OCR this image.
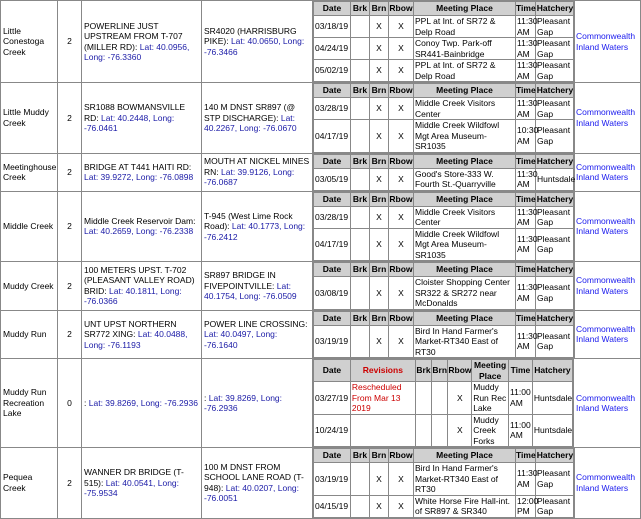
Little Conestoga Creek	2	POWERLINE JUST UPSTREAM FROM T-707 (MILLER RD): Lat: 40.0956, Long: -76.3360	SR4020 (HARRISBURG PIKE): Lat: 40.0650, Long: -76.3466	
Date	Brk	Brn	Rbow	Meeting Place	Time	Hatchery
03/18/19		X	X	PPL at Int. of SR72 & Delp Road	11:30 AM	Pleasant Gap
04/24/19		X	X	Conoy Twp. Park-off SR441-Bainbridge	11:30 AM	Pleasant Gap
05/02/19		X	X	PPL at Int. of SR72 & Delp Road	11:30 AM	Pleasant Gap
	Commonwealth Inland Waters
Little Muddy Creek	2	SR1088 BOWMANSVILLE RD: Lat: 40.2448, Long: -76.0461	140 M DNST SR897 (@ STP DISCHARGE): Lat: 40.2267, Long: -76.0670	
Date	Brk	Brn	Rbow	Meeting Place	Time	Hatchery
03/28/19		X	X	Middle Creek Visitors Center	11:30 AM	Pleasant Gap
04/17/19		X	X	Middle Creek Wildfowl Mgt Area Museum-SR1035	10:30 AM	Pleasant Gap
	Commonwealth Inland Waters
Meetinghouse Creek	2	BRIDGE AT T441 HAITI RD: Lat: 39.9272, Long: -76.0898	MOUTH AT NICKEL MINES RN: Lat: 39.9126, Long: -76.0687	
Date	Brk	Brn	Rbow	Meeting Place	Time	Hatchery
03/05/19		X	X	Good's Store-333 W. Fourth St.-Quarryville	11:30 AM	Huntsdale
	Commonwealth Inland Waters
Middle Creek	2	Middle Creek Reservoir Dam: Lat: 40.2659, Long: -76.2338	T-945 (West Lime Rock Road): Lat: 40.1773, Long: -76.2412	
Date	Brk	Brn	Rbow	Meeting Place	Time	Hatchery
03/28/19		X	X	Middle Creek Visitors Center	11:30 AM	Pleasant Gap
04/17/19		X	X	Middle Creek Wildfowl Mgt Area Museum-SR1035	11:30 AM	Pleasant Gap
	Commonwealth Inland Waters
Muddy Creek	2	100 METERS UPST. T-702 (PLEASANT VALLEY ROAD) BRID: Lat: 40.1811, Long: -76.0366	SR897 BRIDGE IN FIVEPOINTVILLE: Lat: 40.1754, Long: -76.0509	
Date	Brk	Brn	Rbow	Meeting Place	Time	Hatchery
03/08/19		X	X	Cloister Shopping Center SR322 & SR272 near McDonalds	11:30 AM	Pleasant Gap
	Commonwealth Inland Waters
Muddy Run	2	UNT UPST NORTHERN SR772 XING: Lat: 40.0488, Long: -76.1193	POWER LINE CROSSING: Lat: 40.0497, Long: -76.1640	
Date	Brk	Brn	Rbow	Meeting Place	Time	Hatchery
03/19/19		X	X	Bird In Hand Farmer's Market-RT340 East of RT30	11:30 AM	Pleasant Gap
	Commonwealth Inland Waters
Muddy Run Recreation Lake	0	: Lat: 39.8269, Long: -76.2936	: Lat: 39.8269, Long: -76.2936	
Date	Revisions	Brk	Brn	Rbow	Meeting Place	Time	Hatchery
03/27/19	Rescheduled From Mar 13 2019			X	Muddy Run Rec Lake	11:00 AM	Huntsdale
10/24/19				X	Muddy Creek Forks	11:00 AM	Huntsdale
	Commonwealth Inland Waters
Pequea Creek	2	WANNER DR BRIDGE (T-515): Lat: 40.0541, Long: -75.9534	100 M DNST FROM SCHOOL LANE ROAD (T-948): Lat: 40.0207, Long: -76.0051	
Date	Brk	Brn	Rbow	Meeting Place	Time	Hatchery
03/19/19		X	X	Bird In Hand Farmer's Market-RT340 East of RT30	11:30 AM	Pleasant Gap
04/15/19		X	X	White Horse Fire Hall-int. of SR897 & SR340	12:00 PM	Pleasant Gap
	Commonwealth Inland Waters
